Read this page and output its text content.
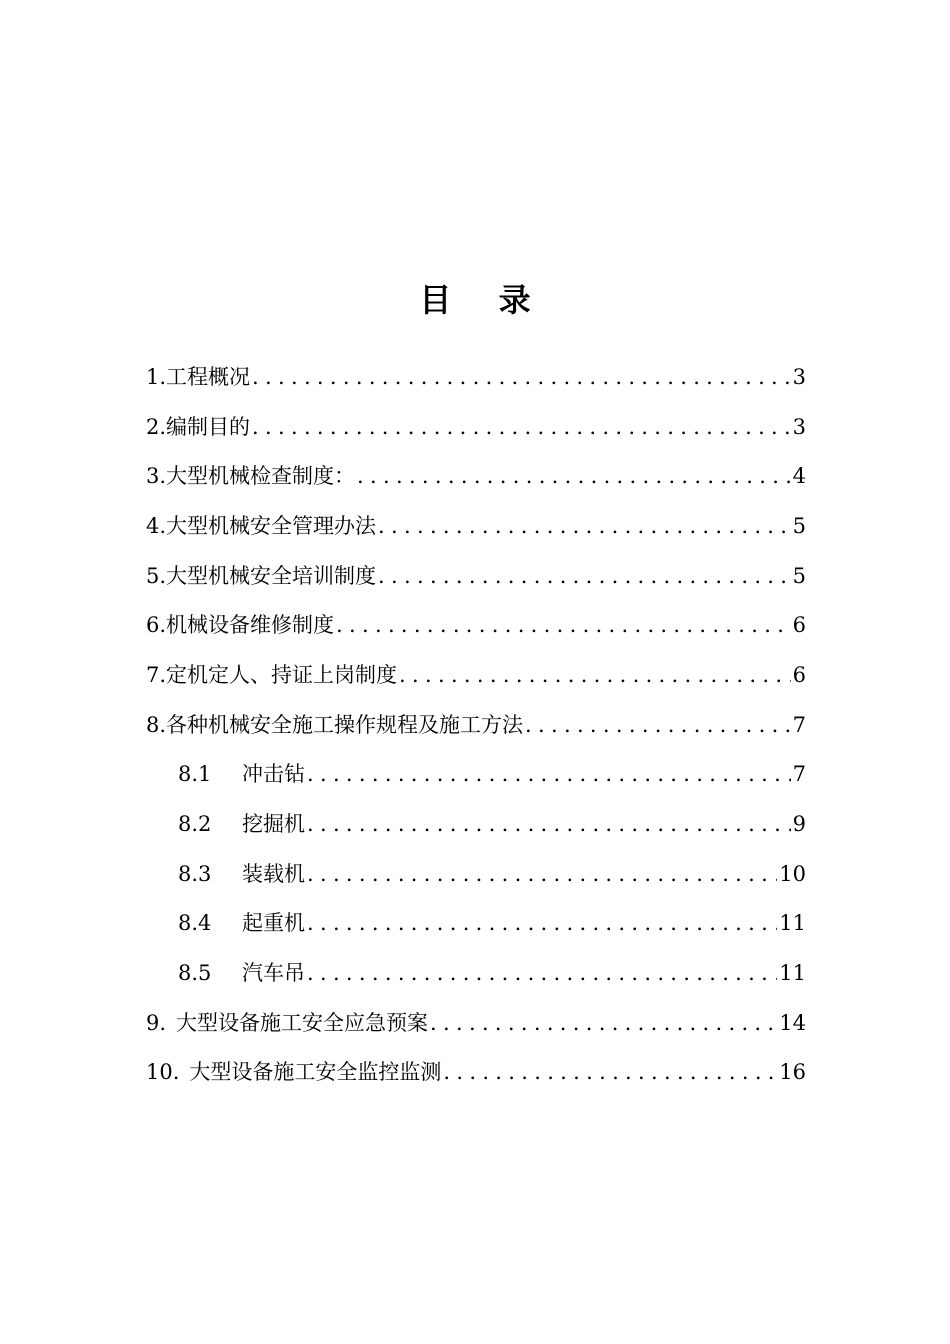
目 录
1.工程概况 .....	3
2.编制目的 .....	3
3.大型机械检查制度： .....	4
4.大型机械安全管理办法 .....	5
5.大型机械安全培训制度 .....	5
6.机械设备维修制度 .....	6
7.定机定人、持证上岗制度 .....	6
8.各种机械安全施工操作规程及施工方法 .....	7
8.1 冲击钻 .....	7
8.2 挖掘机 .....	9
8.3 装载机 .....	10
8.4 起重机 .....	11
8.5 汽车吊 .....	11
9. 大型设备施工安全应急预案 .....	14
10. 大型设备施工安全监控监测 .....	16
